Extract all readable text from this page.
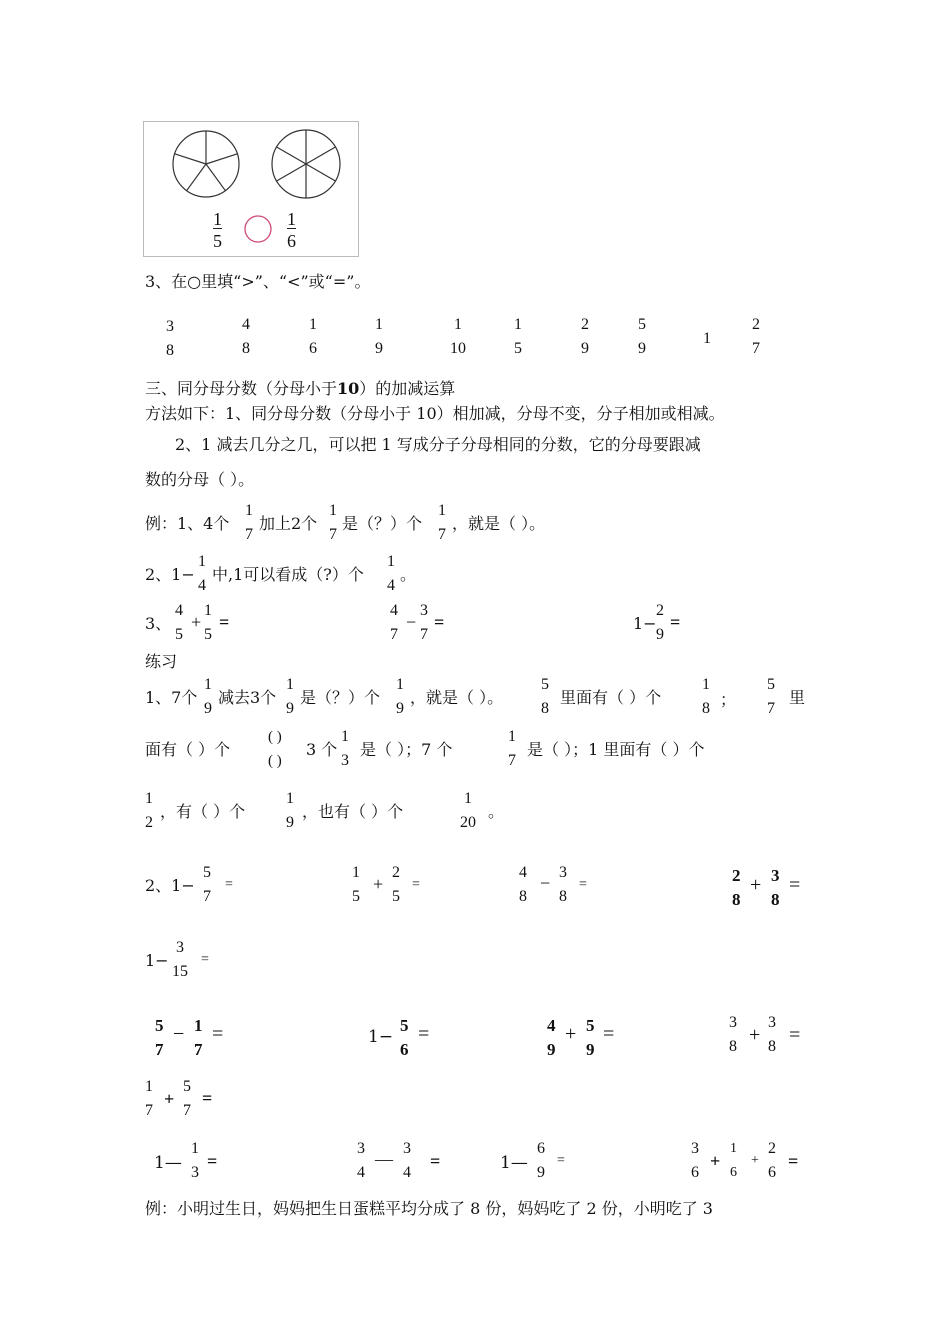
$\frac{1}{5}$	$\frac{1}{6}$
3、在○里填“>”、“<”或“=”。
3
8
4
8
1
6
1
9
1
10
1
5
2
9
5
9
1
2
7
三、同分母分数（分母小于10）的加减运算
方法如下：1、同分母分数（分母小于 10）相加减，分母不变，分子相加或相减。
2、1 减去几分之几，可以把 1 写成分子分母相同的分数，它的分母要跟减
数的分母（ ）。
例：1、4个
1
7
加上2个
1
7
是（？）个
1
7
，就是（ ）。
2、1−
1
4
中,1可以看成（?）个
1
4
。
3、
4
5
+
1
5
=
4
7
−
3
7
=	1−
2
9
=
练习
1、7个
1
9
减去3个
1
9
是（？）个
1
9
，就是（ ）。
5
8
里面有（ ）个
1
8 ；
5
7
里
面有（ ）个
( )
( )
3 个
1
3
是（ ）；7 个
1
7
是（ ）；1 里面有（ ）个
1
2
，有（ ）个
1
9
，也有（ ）个
1
20
。
2、1−
5
7
=
1
5
+
2
5
=
4
8
−
3
8
=	2
8
+ 3
8
=
1−
3
15
=
5
7
− 1
7
=	1−
5
6
=	4
9
+ 5
9
=
3
8
+
3
8
=
1
7
+
5
7
=
1—
1
3
=
3
4
—
3
4
=	1—
6
9
=
3
6
+
1
6
+
2
6
=
例：小明过生日，妈妈把生日蛋糕平均分成了 8 份，妈妈吃了 2 份，小明吃了 3
